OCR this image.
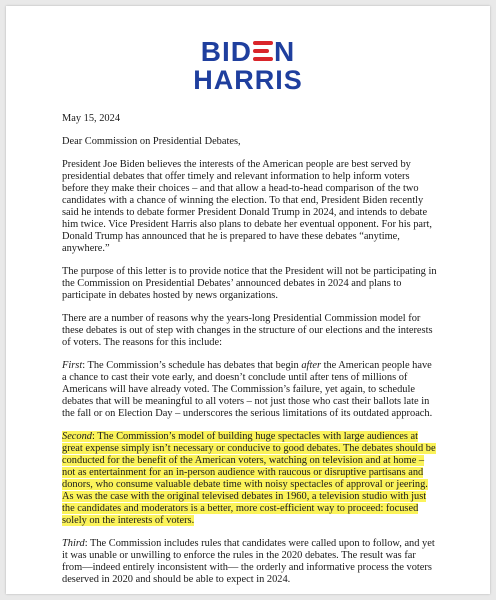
BID N
HARRIS

May 15, 2024

Dear Commission on Presidential Debates,

President Joe Biden believes the interests of the American people are best served by presidential debates that offer timely and relevant information to help inform voters before they make their choices – and that allow a head-to-head comparison of the two candidates with a chance of winning the election. To that end, President Biden recently said he intends to debate former President Donald Trump in 2024, and intends to debate him twice. Vice President Harris also plans to debate her eventual opponent. For his part, Donald Trump has announced that he is prepared to have these debates “anytime, anywhere.”

The purpose of this letter is to provide notice that the President will not be participating in the Commission on Presidential Debates’ announced debates in 2024 and plans to participate in debates hosted by news organizations.

There are a number of reasons why the years-long Presidential Commission model for these debates is out of step with changes in the structure of our elections and the interests of voters. The reasons for this include:

First: The Commission’s schedule has debates that begin after the American people have a chance to cast their vote early, and doesn’t conclude until after tens of millions of Americans will have already voted. The Commission’s failure, yet again, to schedule debates that will be meaningful to all voters – not just those who cast their ballots late in the fall or on Election Day – underscores the serious limitations of its outdated approach.

Second: The Commission’s model of building huge spectacles with large audiences at great expense simply isn’t necessary or conducive to good debates. The debates should be conducted for the benefit of the American voters, watching on television and at home – not as entertainment for an in-person audience with raucous or disruptive partisans and donors, who consume valuable debate time with noisy spectacles of approval or jeering. As was the case with the original televised debates in 1960, a television studio with just the candidates and moderators is a better, more cost-efficient way to proceed: focused solely on the interests of voters.

Third: The Commission includes rules that candidates were called upon to follow, and yet it was unable or unwilling to enforce the rules in the 2020 debates. The result was far from—indeed entirely inconsistent with— the orderly and informative process the voters deserved in 2020 and should be able to expect in 2024.
